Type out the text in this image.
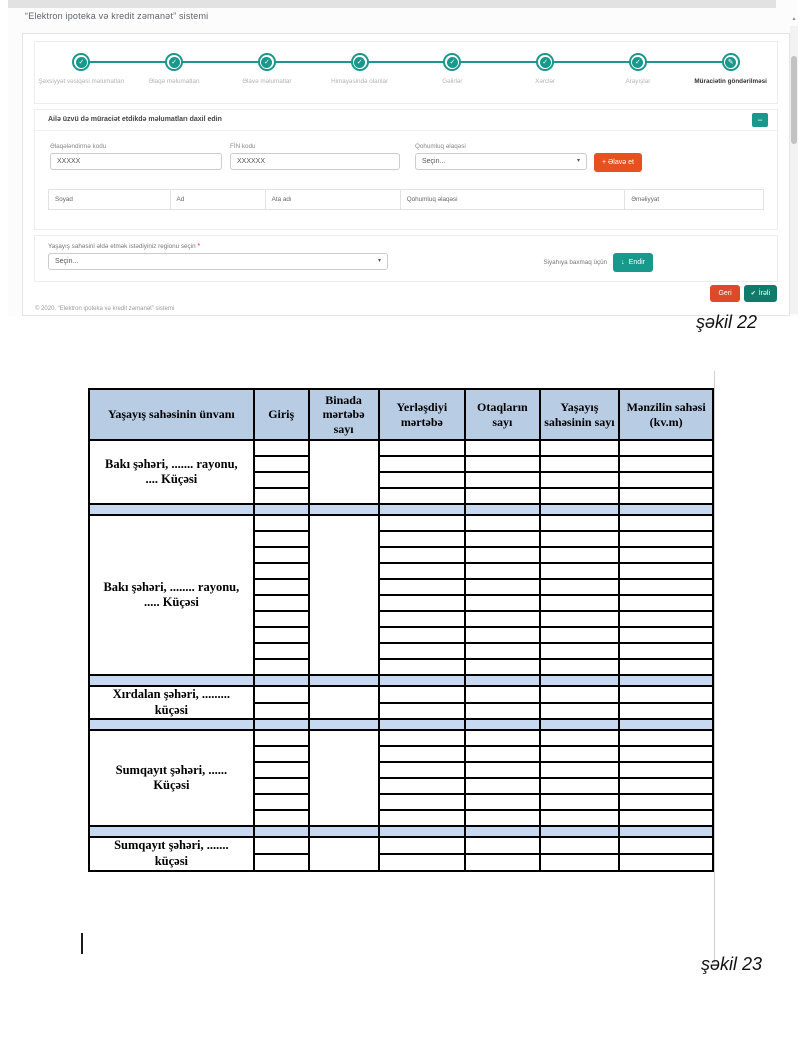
“Elektron ipoteka və kredit zəmanət” sistemi
✓
Şəxsiyyət vəsiqəsi məlumatları
✓
Əlaqə məlumatları
✓
Əlavə məlumatlar
✓
Himayəsində olanlar
✓
Gəlirlər
✓
Xərclər
✓
Arayışlar
✎
Müraciətin göndərilməsi
Ailə üzvü də müraciət etdikdə məlumatları daxil edin	−
Əlaqələndirmə kodu
XXXXX
FİN kodu
XXXXXX
Qohumluq əlaqəsi
Seçin...	▾	+ Əlavə et
Soyad	Ad	Ata adı	Qohumluq əlaqəsi	Əməliyyat
Yaşayış sahəsini əldə etmək istədiyiniz regionu seçin *
Seçin...	▾	Siyahıya baxmaq üçün ↓ Endir
Geri	✔ İrəli
© 2020. “Elektron ipoteka və kredit zəmanət” sistemi
▲
şəkil 22
Yaşayış sahəsinin ünvanı	Giriş	Binada mərtəbə sayı	Yerləşdiyi mərtəbə	Otaqların sayı	Yaşayış sahəsinin sayı	Mənzilin sahəsi (kv.m)
Bakı şəhəri, ....... rayonu, .... Küçəsi						

Bakı şəhəri, ........ rayonu, ..... Küçəsi						

Xırdalan şəhəri, ......... küçəsi						

Sumqayıt şəhəri, ...... Küçəsi						

Sumqayıt şəhəri, ....... küçəsi						

şəkil 23
